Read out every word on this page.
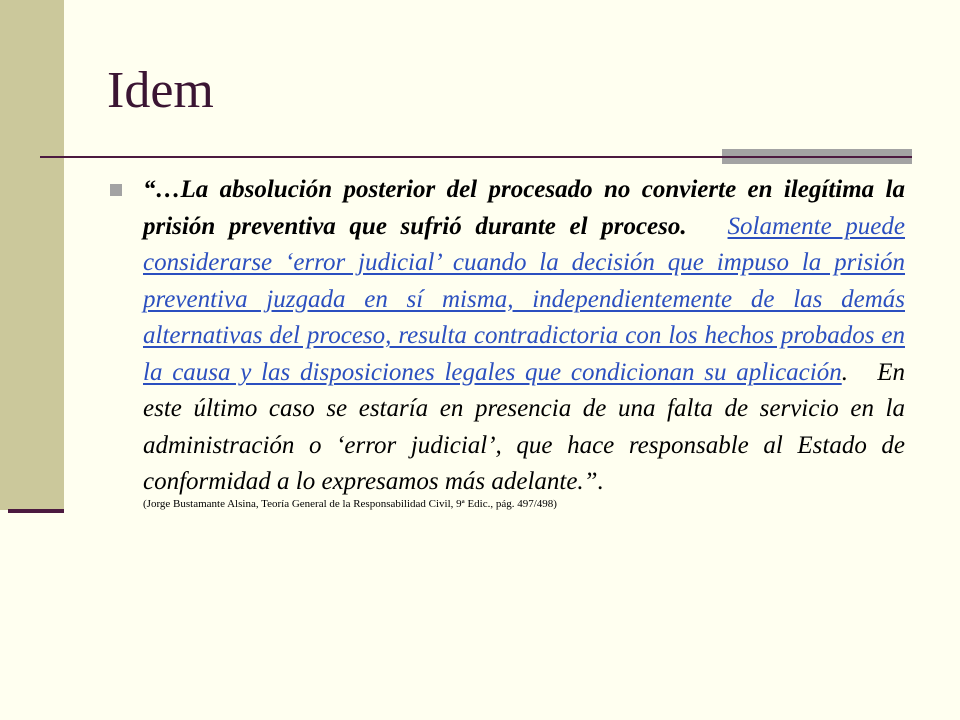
Idem

“…La absolución posterior del procesado no convierte en ilegítima la prisión preventiva que sufrió durante el proceso. Solamente puede considerarse ‘error judicial’ cuando la decisión que impuso la prisión preventiva juzgada en sí misma, independientemente de las demás alternativas del proceso, resulta contradictoria con los hechos probados en la causa y las disposiciones legales que condicionan su aplicación. En este último caso se estaría en presencia de una falta de servicio en la administración o ‘error judicial’, que hace responsable al Estado de conformidad a lo expresamos más adelante.”.
(Jorge Bustamante Alsina, Teoría General de la Responsabilidad Civil, 9ª Edic., pág. 497/498)
